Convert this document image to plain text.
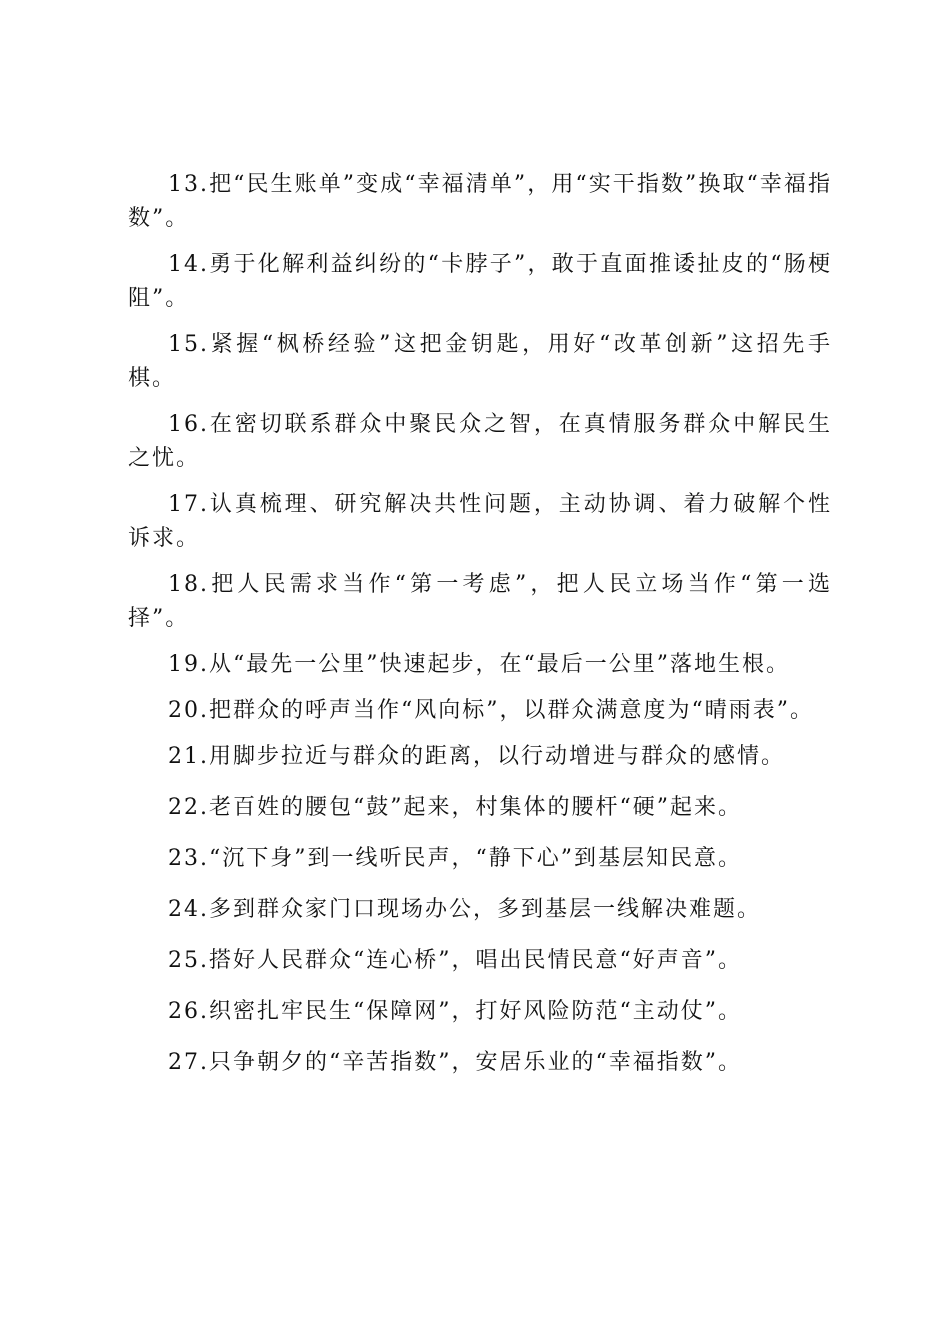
13.把“民生账单”变成“幸福清单”，用“实干指数”换取“幸福指数”。

14.勇于化解利益纠纷的“卡脖子”，敢于直面推诿扯皮的“肠梗阻”。

15.紧握“枫桥经验”这把金钥匙，用好“改革创新”这招先手棋。

16.在密切联系群众中聚民众之智，在真情服务群众中解民生之忧。

17.认真梳理、研究解决共性问题，主动协调、着力破解个性诉求。

18.把人民需求当作“第一考虑”，把人民立场当作“第一选择”。

19.从“最先一公里”快速起步，在“最后一公里”落地生根。

20.把群众的呼声当作“风向标”，以群众满意度为“晴雨表”。

21.用脚步拉近与群众的距离，以行动增进与群众的感情。

22.老百姓的腰包“鼓”起来，村集体的腰杆“硬”起来。

23.“沉下身”到一线听民声，“静下心”到基层知民意。

24.多到群众家门口现场办公，多到基层一线解决难题。

25.搭好人民群众“连心桥”，唱出民情民意“好声音”。

26.织密扎牢民生“保障网”，打好风险防范“主动仗”。

27.只争朝夕的“辛苦指数”，安居乐业的“幸福指数”。
